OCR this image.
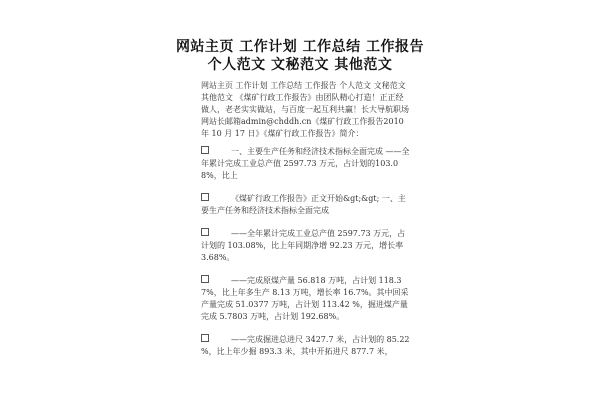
网站主页 工作计划 工作总结 工作报告
个人范文 文秘范文 其他范文

网站主页 工作计划 工作总结 工作报告 个人范文 文秘范文 其他范文 《煤矿行政工作报告》由团队精心打造！正正经做人，老老实实做站，与百度一起互利共赢！长大导航职场网站长邮箱admin@chddh.cn《煤矿行政工作报告2010 年 10 月 17 日》《煤矿行政工作报告》简介：

一、主要生产任务和经济技术指标全面完成 ——全年累计完成工业总产值 2597.73 万元，占计划的103.08%，比上

《煤矿行政工作报告》正文开始&gt;&gt; 一、主要生产任务和经济技术指标全面完成

——全年累计完成工业总产值 2597.73 万元，占计划的 103.08%，比上年同期净增 92.23 万元，增长率 3.68%。

——完成原煤产量 56.818 万吨，占计划 118.37%，比上年多生产 8.13 万吨，增长率 16.7%。其中回采产量完成 51.0377 万吨，占计划 113.42 %，掘进煤产量完成 5.7803 万吨，占计划 192.68%。

——完成掘进总进尺 3427.7 米，占计划的 85.22 %，比上年少掘 893.3 米，其中开拓进尺 877.7 米，
